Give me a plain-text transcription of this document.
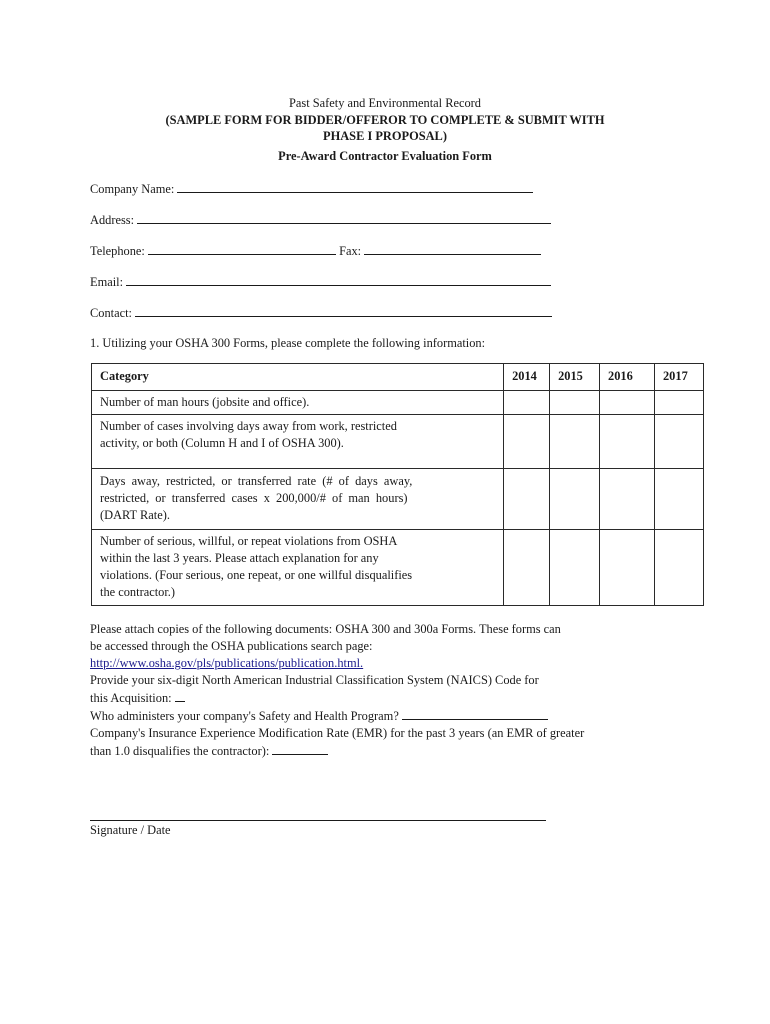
Past Safety and Environmental Record
(SAMPLE FORM FOR BIDDER/OFFEROR TO COMPLETE & SUBMIT WITH
PHASE I PROPOSAL)
Pre-Award Contractor Evaluation Form
Company Name:
Address:
Telephone:	Fax:
Email:
Contact:
1. Utilizing your OSHA 300 Forms, please complete the following information:
Category	2014	2015	2016	2017

Number of man hours (jobsite and office).				

Number of cases involving days away from work, restricted
activity, or both (Column H and I of OSHA 300).				

Days away, restricted, or transferred rate (# of days away,
restricted, or transferred cases x 200,000/# of man hours)
(DART Rate).				

Number of serious, willful, or repeat violations from OSHA
within the last 3 years. Please attach explanation for any
violations. (Four serious, one repeat, or one willful disqualifies
the contractor.)				

Please attach copies of the following documents: OSHA 300 and 300a Forms. These forms can
be accessed through the OSHA publications search page:
http://www.osha.gov/pls/publications/publication.html.
Provide your six-digit North American Industrial Classification System (NAICS) Code for
this Acquisition:
Who administers your company's Safety and Health Program?
Company's Insurance Experience Modification Rate (EMR) for the past 3 years (an EMR of greater
than 1.0 disqualifies the contractor):
Signature / Date
